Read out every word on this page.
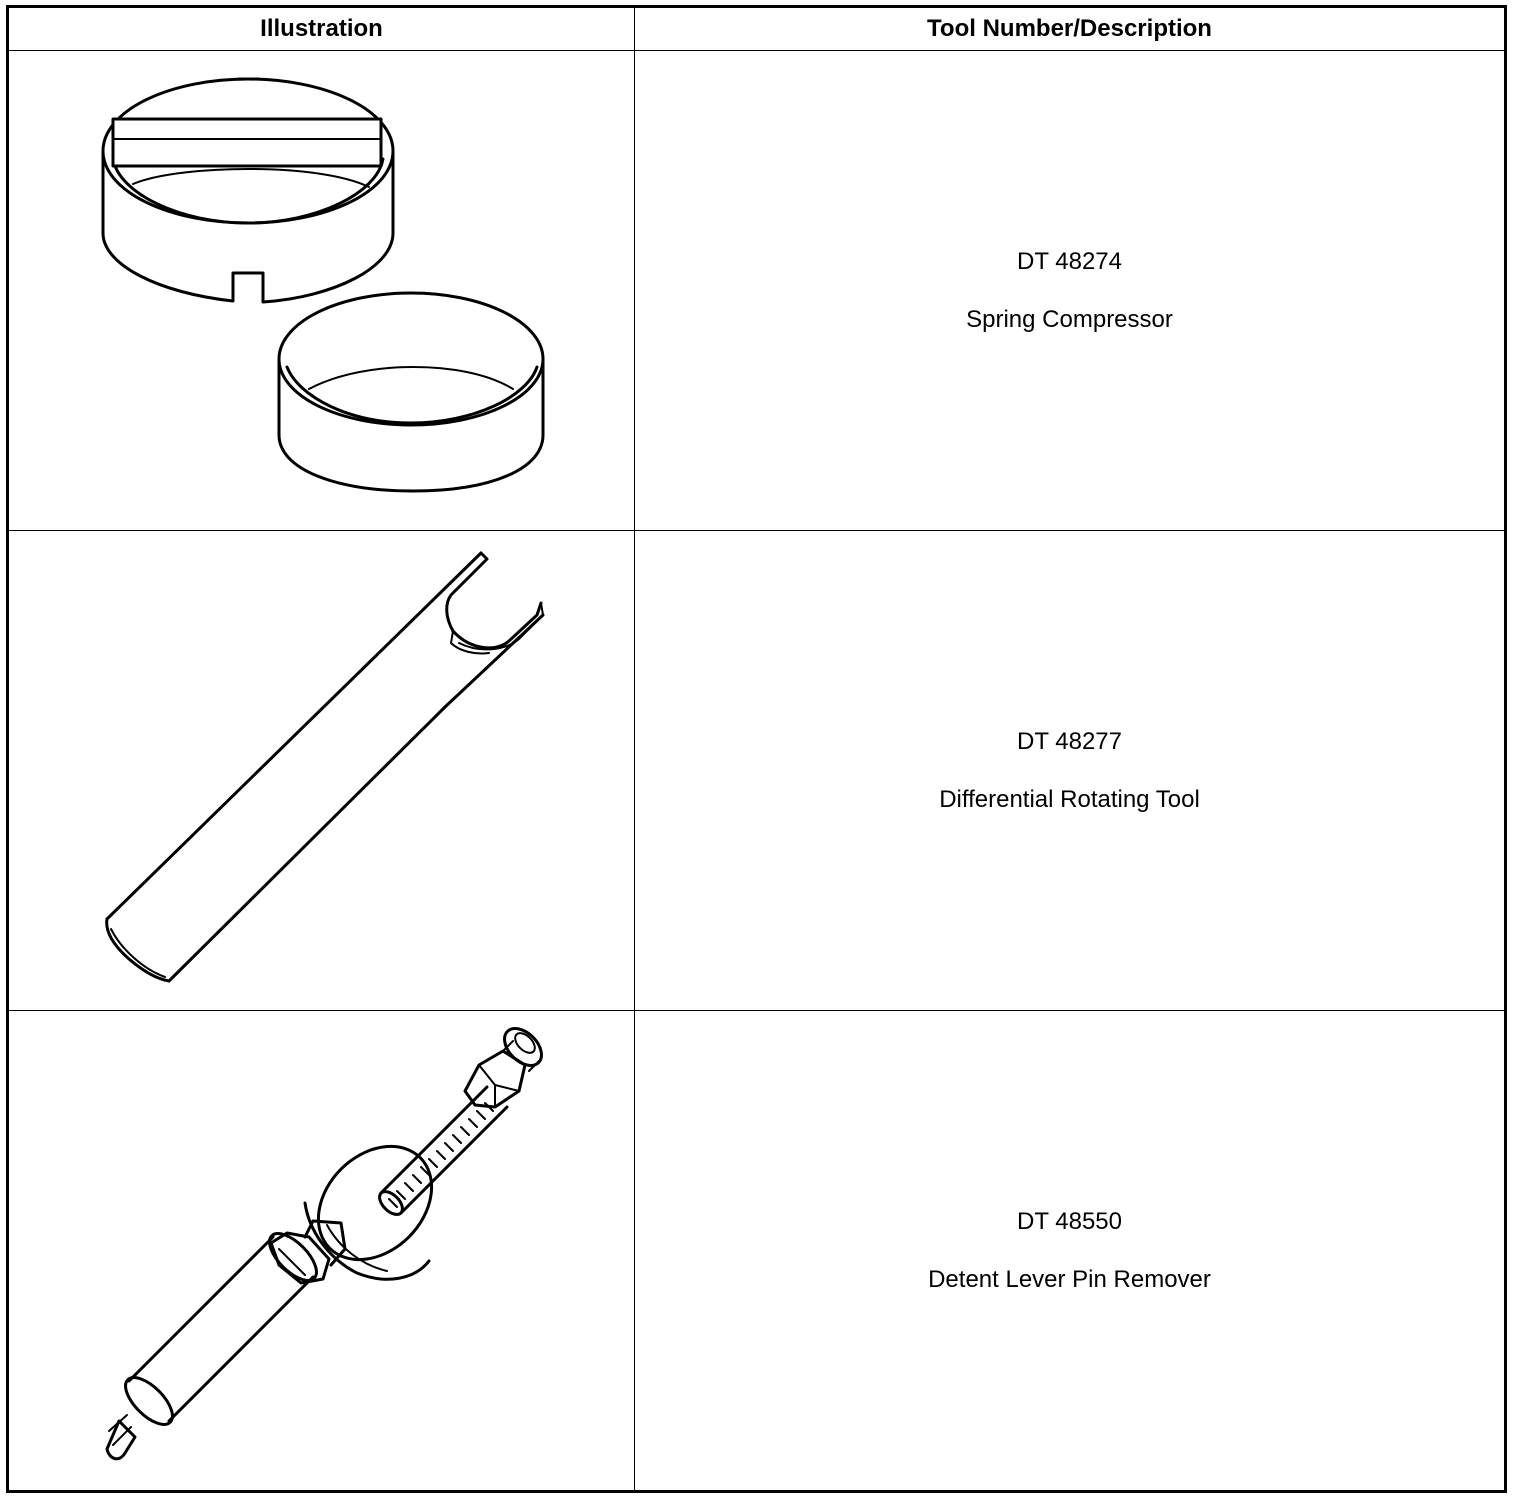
Illustration	Tool Number/Description

DT 48274
Spring Compressor

DT 48277
Differential Rotating Tool

DT 48550
Detent Lever Pin Remover
